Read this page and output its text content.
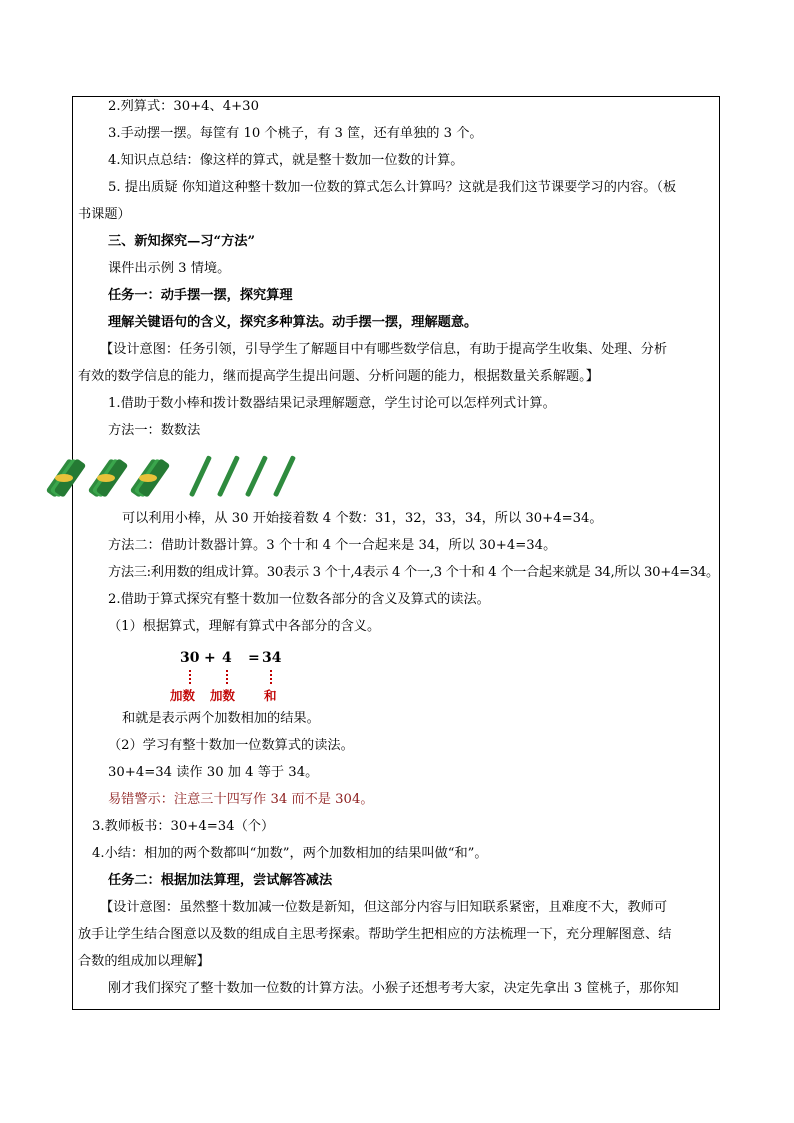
2.列算式：30+4、4+30
3.手动摆一摆。每筐有 10 个桃子，有 3 筐，还有单独的 3 个。
4.知识点总结：像这样的算式，就是整十数加一位数的计算。
5. 提出质疑 你知道这种整十数加一位数的算式怎么计算吗？这就是我们这节课要学习的内容。（板
书课题）
三、新知探究—习“方法”
课件出示例 3 情境。
任务一：动手摆一摆，探究算理
理解关键语句的含义，探究多种算法。动手摆一摆，理解题意。
【设计意图：任务引领，引导学生了解题目中有哪些数学信息，有助于提高学生收集、处理、分析
有效的数学信息的能力，继而提高学生提出问题、分析问题的能力，根据数量关系解题。】
1.借助于数小棒和拨计数器结果记录理解题意，学生讨论可以怎样列式计算。
方法一：数数法
可以利用小棒，从 30 开始接着数 4 个数：31，32，33，34，所以 30+4=34。
方法二：借助计数器计算。3 个十和 4 个一合起来是 34，所以 30+4=34。
方法三:利用数的组成计算。30表示 3 个十,4表示 4 个一,3 个十和 4 个一合起来就是 34,所以 30+4=34。
2.借助于算式探究有整十数加一位数各部分的含义及算式的读法。
（1）根据算式，理解有算式中各部分的含义。
30 + 4 = 34
加数 加数 和
和就是表示两个加数相加的结果。
（2）学习有整十数加一位数算式的读法。
30+4=34 读作 30 加 4 等于 34。
易错警示：注意三十四写作 34 而不是 304。
3.教师板书：30+4=34（个）
4.小结：相加的两个数都叫“加数”，两个加数相加的结果叫做“和”。
任务二：根据加法算理，尝试解答减法
【设计意图：虽然整十数加减一位数是新知，但这部分内容与旧知联系紧密，且难度不大，教师可
放手让学生结合图意以及数的组成自主思考探索。帮助学生把相应的方法梳理一下，充分理解图意、结
合数的组成加以理解】
刚才我们探究了整十数加一位数的计算方法。小猴子还想考考大家，决定先拿出 3 筐桃子，那你知
